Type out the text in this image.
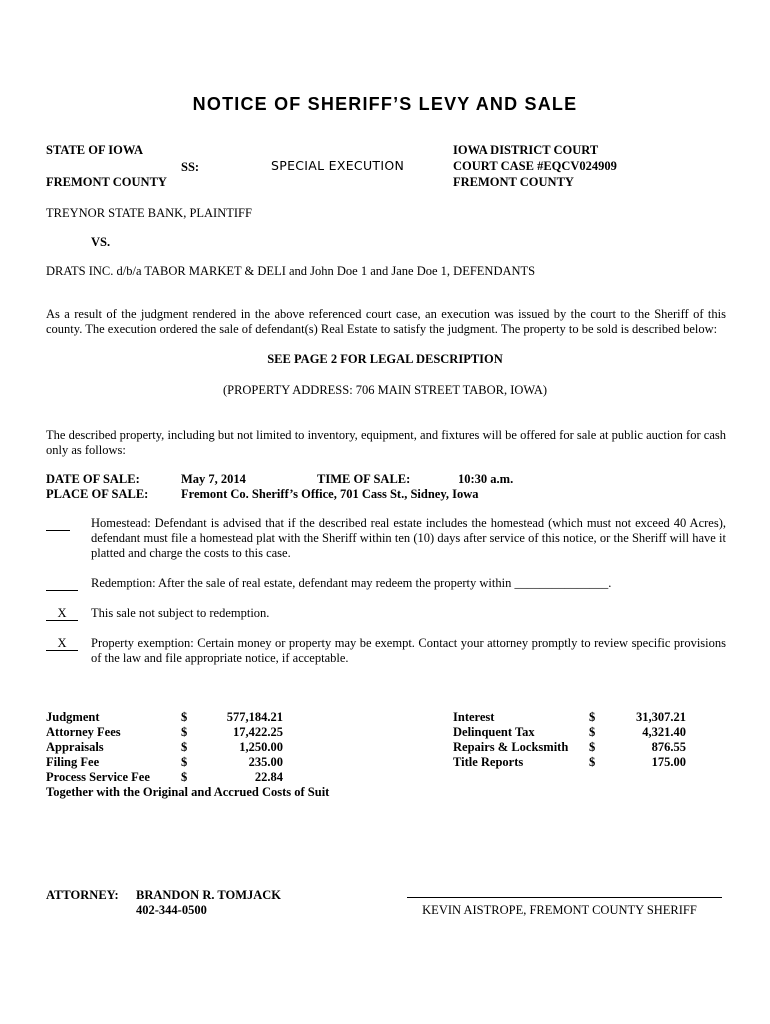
NOTICE OF SHERIFF’S LEVY AND SALE
STATE OF IOWA
SS:	SPECIAL EXECUTION
FREMONT COUNTY
IOWA DISTRICT COURT
COURT CASE #EQCV024909
FREMONT COUNTY
TREYNOR STATE BANK, PLAINTIFF
VS.
DRATS INC. d/b/a TABOR MARKET & DELI and John Doe 1 and Jane Doe 1, DEFENDANTS
As a result of the judgment rendered in the above referenced court case, an execution was issued by the court to the Sheriff of this county. The execution ordered the sale of defendant(s) Real Estate to satisfy the judgment. The property to be sold is described below:
SEE PAGE 2 FOR LEGAL DESCRIPTION
(PROPERTY ADDRESS: 706 MAIN STREET TABOR, IOWA)
The described property, including but not limited to inventory, equipment, and fixtures will be offered for sale at public auction for cash only as follows:
DATE OF SALE:	May 7, 2014	TIME OF SALE:	10:30 a.m.
PLACE OF SALE:	Fremont Co. Sheriff’s Office, 701 Cass St., Sidney, Iowa
Homestead: Defendant is advised that if the described real estate includes the homestead (which must not exceed 40 Acres), defendant must file a homestead plat with the Sheriff within ten (10) days after service of this notice, or the Sheriff will have it platted and charge the costs to this case.
Redemption: After the sale of real estate, defendant may redeem the property within _______________.
X	This sale not subject to redemption.
X	Property exemption: Certain money or property may be exempt. Contact your attorney promptly to review specific provisions of the law and file appropriate notice, if acceptable.
Judgment	$	577,184.21
Attorney Fees	$	17,422.25
Appraisals	$	1,250.00
Filing Fee	$	235.00
Process Service Fee $	22.84
Interest	$	31,307.21
Delinquent Tax	$	4,321.40
Repairs & Locksmith $	876.55
Title Reports	$	175.00
Together with the Original and Accrued Costs of Suit
ATTORNEY: BRANDON R. TOMJACK
402-344-0500	KEVIN AISTROPE, FREMONT COUNTY SHERIFF
